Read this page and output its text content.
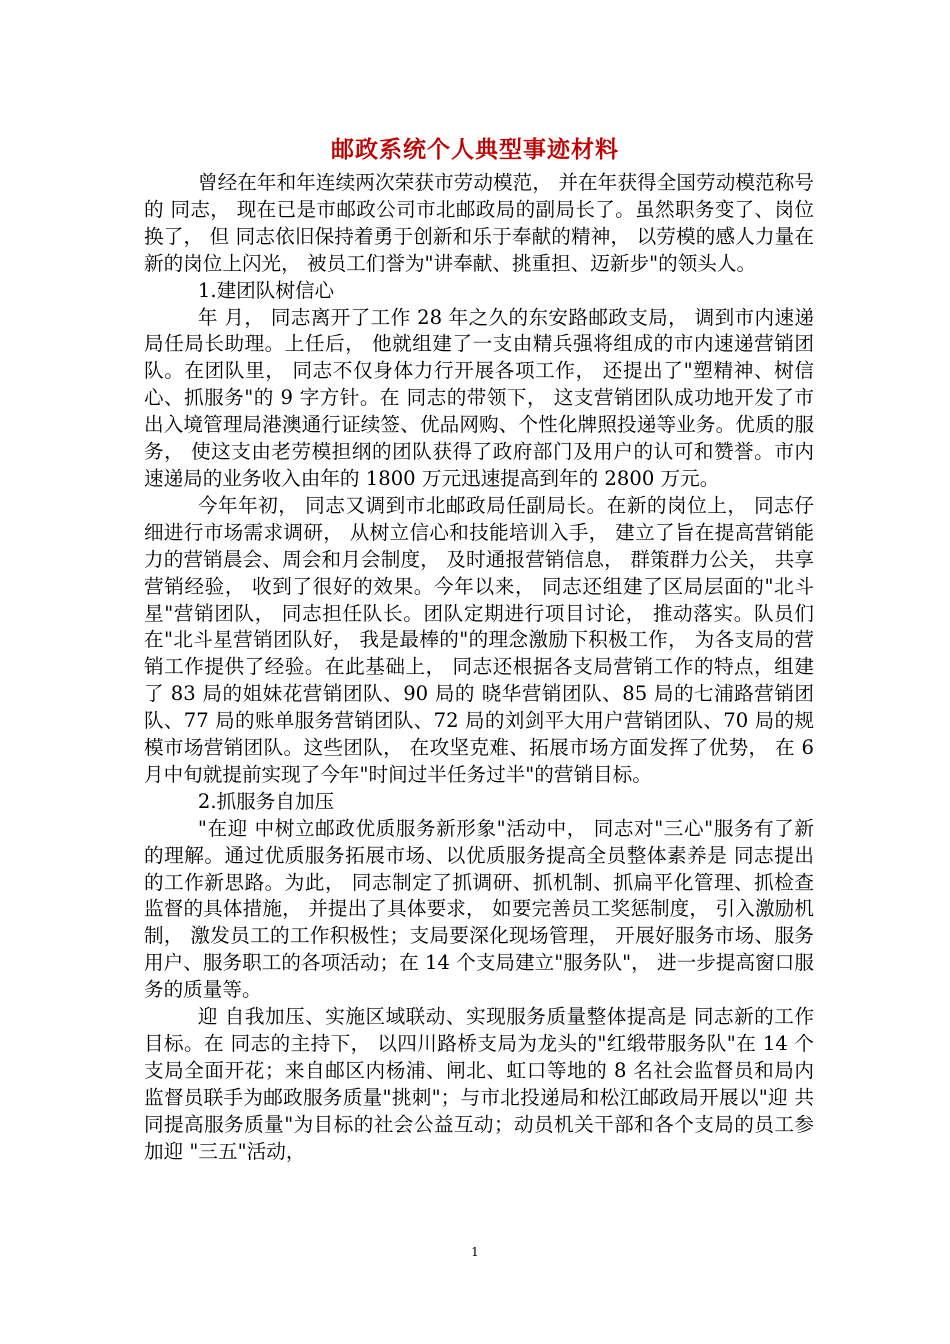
邮政系统个人典型事迹材料

曾经在年和年连续两次荣获市劳动模范， 并在年获得全国劳动模范称号的 同志， 现在已是市邮政公司市北邮政局的副局长了。虽然职务变了、岗位换了， 但 同志依旧保持着勇于创新和乐于奉献的精神， 以劳模的感人力量在新的岗位上闪光， 被员工们誉为"讲奉献、挑重担、迈新步"的领头人。

1.建团队树信心

年 月， 同志离开了工作 28 年之久的东安路邮政支局， 调到市内速递局任局长助理。上任后， 他就组建了一支由精兵强将组成的市内速递营销团队。在团队里， 同志不仅身体力行开展各项工作， 还提出了"塑精神、树信心、抓服务"的 9 字方针。在 同志的带领下， 这支营销团队成功地开发了市出入境管理局港澳通行证续签、优品网购、个性化牌照投递等业务。优质的服务， 使这支由老劳模担纲的团队获得了政府部门及用户的认可和赞誉。市内速递局的业务收入由年的 1800 万元迅速提高到年的 2800 万元。

今年年初， 同志又调到市北邮政局任副局长。在新的岗位上， 同志仔细进行市场需求调研， 从树立信心和技能培训入手， 建立了旨在提高营销能力的营销晨会、周会和月会制度， 及时通报营销信息， 群策群力公关， 共享营销经验， 收到了很好的效果。今年以来， 同志还组建了区局层面的"北斗星"营销团队， 同志担任队长。团队定期进行项目讨论， 推动落实。队员们在"北斗星营销团队好， 我是最棒的"的理念激励下积极工作， 为各支局的营销工作提供了经验。在此基础上， 同志还根据各支局营销工作的特点，组建了 83 局的姐妹花营销团队、90 局的 晓华营销团队、85 局的七浦路营销团队、77 局的账单服务营销团队、72 局的刘剑平大用户营销团队、70 局的规模市场营销团队。这些团队， 在攻坚克难、拓展市场方面发挥了优势， 在 6 月中旬就提前实现了今年"时间过半任务过半"的营销目标。

2.抓服务自加压

"在迎 中树立邮政优质服务新形象"活动中， 同志对"三心"服务有了新的理解。通过优质服务拓展市场、以优质服务提高全员整体素养是 同志提出的工作新思路。为此， 同志制定了抓调研、抓机制、抓扁平化管理、抓检查监督的具体措施， 并提出了具体要求， 如要完善员工奖惩制度， 引入激励机制， 激发员工的工作积极性；支局要深化现场管理， 开展好服务市场、服务用户、服务职工的各项活动；在 14 个支局建立"服务队"， 进一步提高窗口服务的质量等。

迎 自我加压、实施区域联动、实现服务质量整体提高是 同志新的工作目标。在 同志的主持下， 以四川路桥支局为龙头的"红缎带服务队"在 14 个支局全面开花；来自邮区内杨浦、闸北、虹口等地的 8 名社会监督员和局内监督员联手为邮政服务质量"挑刺"；与市北投递局和松江邮政局开展以"迎 共同提高服务质量"为目标的社会公益互动；动员机关干部和各个支局的员工参加迎 "三五"活动，

1
